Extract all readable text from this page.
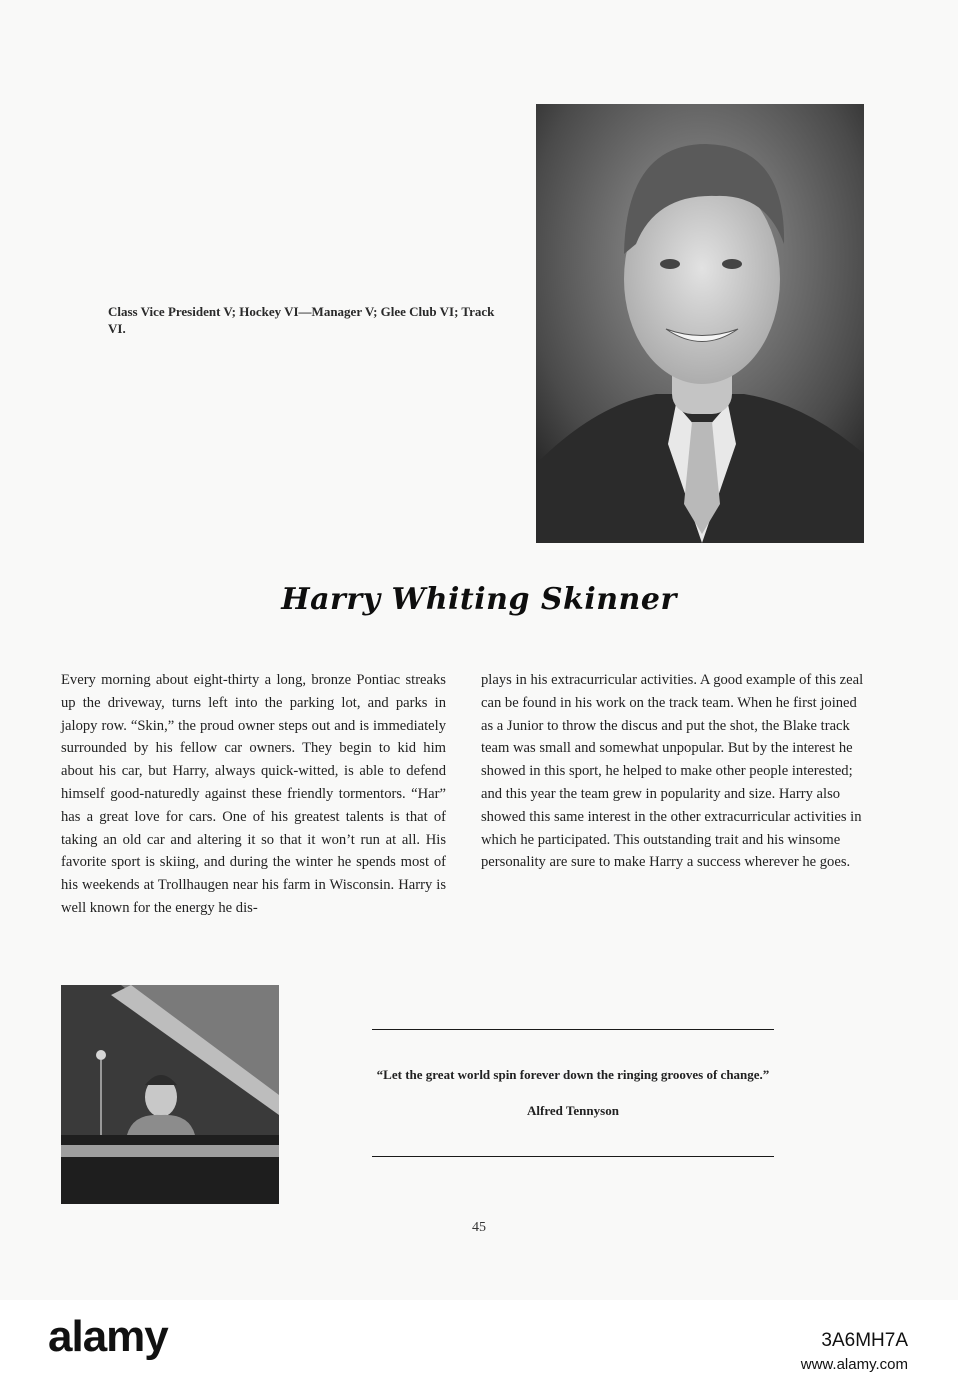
Class Vice President V; Hockey VI—Manager V; Glee Club VI; Track VI.

Harry Whiting Skinner

Every morning about eight-thirty a long, bronze Pontiac streaks up the driveway, turns left into the parking lot, and parks in jalopy row. “Skin,” the proud owner steps out and is immediately surrounded by his fellow car owners. They begin to kid him about his car, but Harry, always quick-witted, is able to defend himself good-naturedly against these friendly tormentors. “Har” has a great love for cars. One of his greatest talents is that of taking an old car and altering it so that it won’t run at all. His favorite sport is skiing, and during the winter he spends most of his weekends at Trollhaugen near his farm in Wisconsin. Harry is well known for the energy he dis-

plays in his extracurricular activities. A good example of this zeal can be found in his work on the track team. When he first joined as a Junior to throw the discus and put the shot, the Blake track team was small and somewhat unpopular. But by the interest he showed in this sport, he helped to make other people interested; and this year the team grew in popularity and size. Harry also showed this same interest in the other extracurricular activities in which he participated. This outstanding trait and his winsome personality are sure to make Harry a success wherever he goes.

“Let the great world spin forever down the ringing grooves of change.”

Alfred Tennyson

45

alamy	3A6MH7A
www.alamy.com
